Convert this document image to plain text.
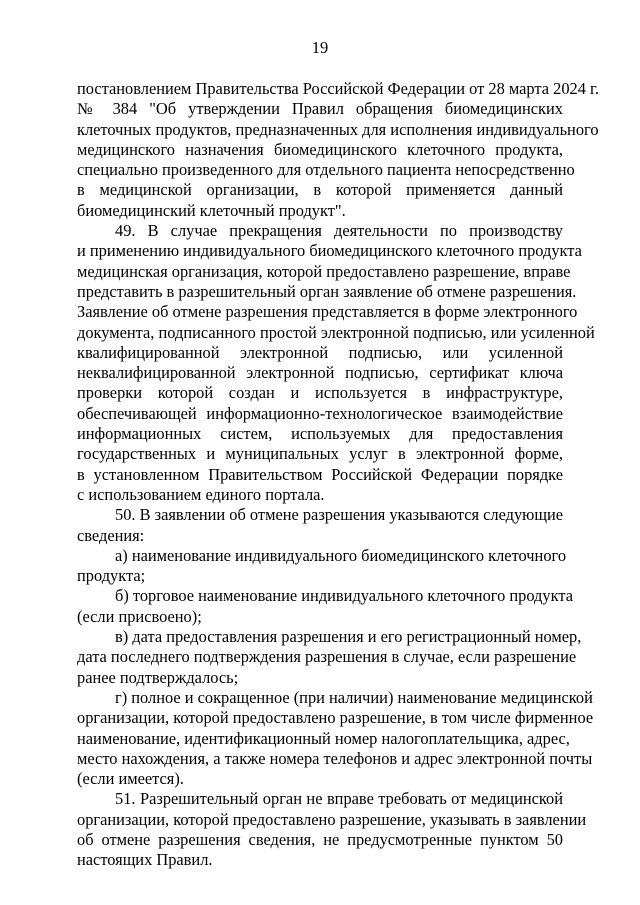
19

постановлением Правительства Российской Федерации от 28 марта 2024 г.
№ 384 "Об утверждении Правил обращения биомедицинских
клеточных продуктов, предназначенных для исполнения индивидуального
медицинского назначения биомедицинского клеточного продукта,
специально произведенного для отдельного пациента непосредственно
в медицинской организации, в которой применяется данный
биомедицинский клеточный продукт".

49. В случае прекращения деятельности по производству
и применению индивидуального биомедицинского клеточного продукта
медицинская организация, которой предоставлено разрешение, вправе
представить в разрешительный орган заявление об отмене разрешения.
Заявление об отмене разрешения представляется в форме электронного
документа, подписанного простой электронной подписью, или усиленной
квалифицированной электронной подписью, или усиленной
неквалифицированной электронной подписью, сертификат ключа
проверки которой создан и используется в инфраструктуре,
обеспечивающей информационно-технологическое взаимодействие
информационных систем, используемых для предоставления
государственных и муниципальных услуг в электронной форме,
в установленном Правительством Российской Федерации порядке
с использованием единого портала.

50. В заявлении об отмене разрешения указываются следующие
сведения:

а) наименование индивидуального биомедицинского клеточного
продукта;

б) торговое наименование индивидуального клеточного продукта
(если присвоено);

в) дата предоставления разрешения и его регистрационный номер,
дата последнего подтверждения разрешения в случае, если разрешение
ранее подтверждалось;

г) полное и сокращенное (при наличии) наименование медицинской
организации, которой предоставлено разрешение, в том числе фирменное
наименование, идентификационный номер налогоплательщика, адрес,
место нахождения, а также номера телефонов и адрес электронной почты
(если имеется).

51. Разрешительный орган не вправе требовать от медицинской
организации, которой предоставлено разрешение, указывать в заявлении
об отмене разрешения сведения, не предусмотренные пунктом 50
настоящих Правил.
